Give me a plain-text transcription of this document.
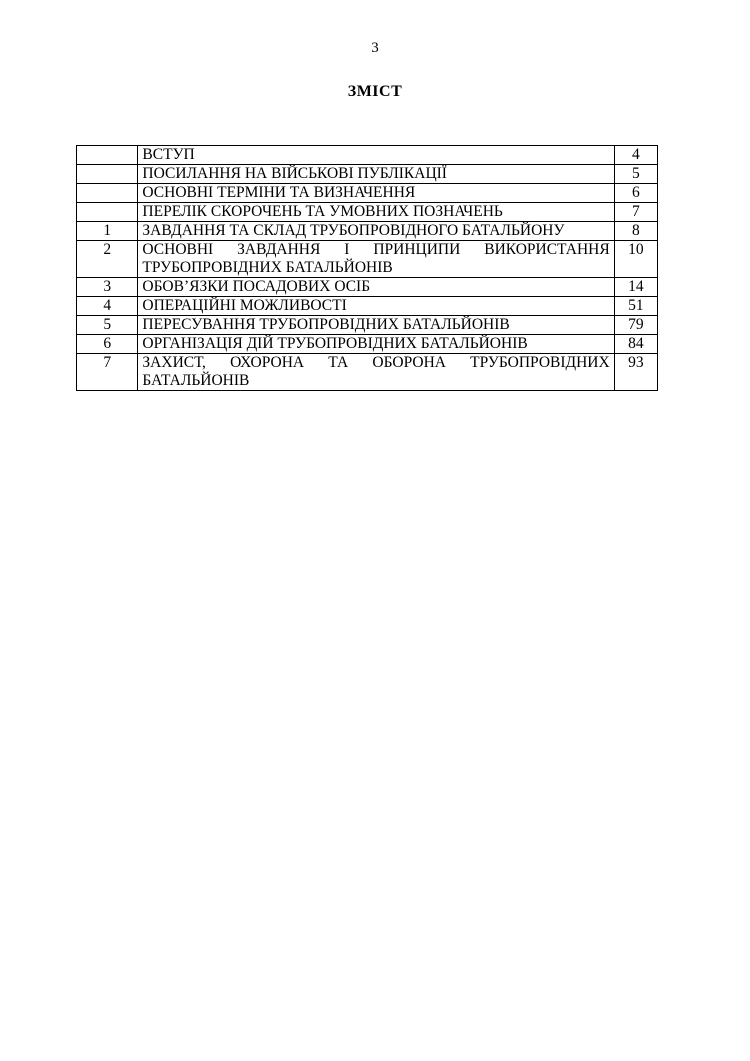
3
ЗМІСТ
	ВСТУП	4
	ПОСИЛАННЯ НА ВІЙСЬКОВІ ПУБЛІКАЦІЇ	5
	ОСНОВНІ ТЕРМІНИ ТА ВИЗНАЧЕННЯ	6
	ПЕРЕЛІК СКОРОЧЕНЬ ТА УМОВНИХ ПОЗНАЧЕНЬ	7
1	ЗАВДАННЯ ТА СКЛАД ТРУБОПРОВІДНОГО БАТАЛЬЙОНУ	8
2	ОСНОВНІ ЗАВДАННЯ І ПРИНЦИПИ ВИКОРИСТАННЯ ТРУБОПРОВІДНИХ БАТАЛЬЙОНІВ	10
3	ОБОВ’ЯЗКИ ПОСАДОВИХ ОСІБ	14
4	ОПЕРАЦІЙНІ МОЖЛИВОСТІ	51
5	ПЕРЕСУВАННЯ ТРУБОПРОВІДНИХ БАТАЛЬЙОНІВ	79
6	ОРГАНІЗАЦІЯ ДІЙ ТРУБОПРОВІДНИХ БАТАЛЬЙОНІВ	84
7	ЗАХИСТ, ОХОРОНА ТА ОБОРОНА ТРУБОПРОВІДНИХ БАТАЛЬЙОНІВ	93
